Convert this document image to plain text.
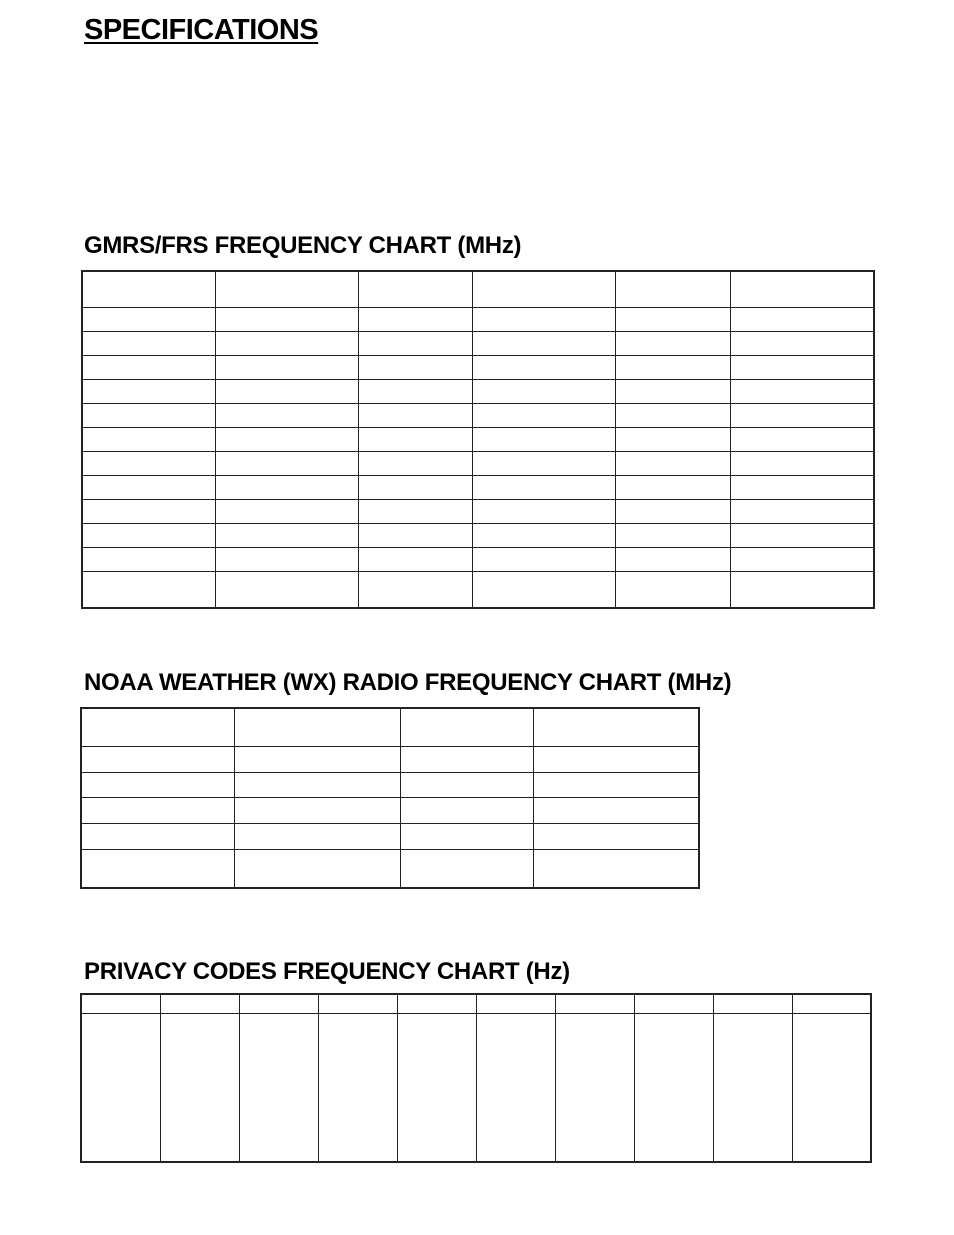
SPECIFICATIONS
GMRS/FRS FREQUENCY CHART (MHz)

NOAA WEATHER (WX) RADIO FREQUENCY CHART (MHz)

PRIVACY CODES FREQUENCY CHART (Hz)
